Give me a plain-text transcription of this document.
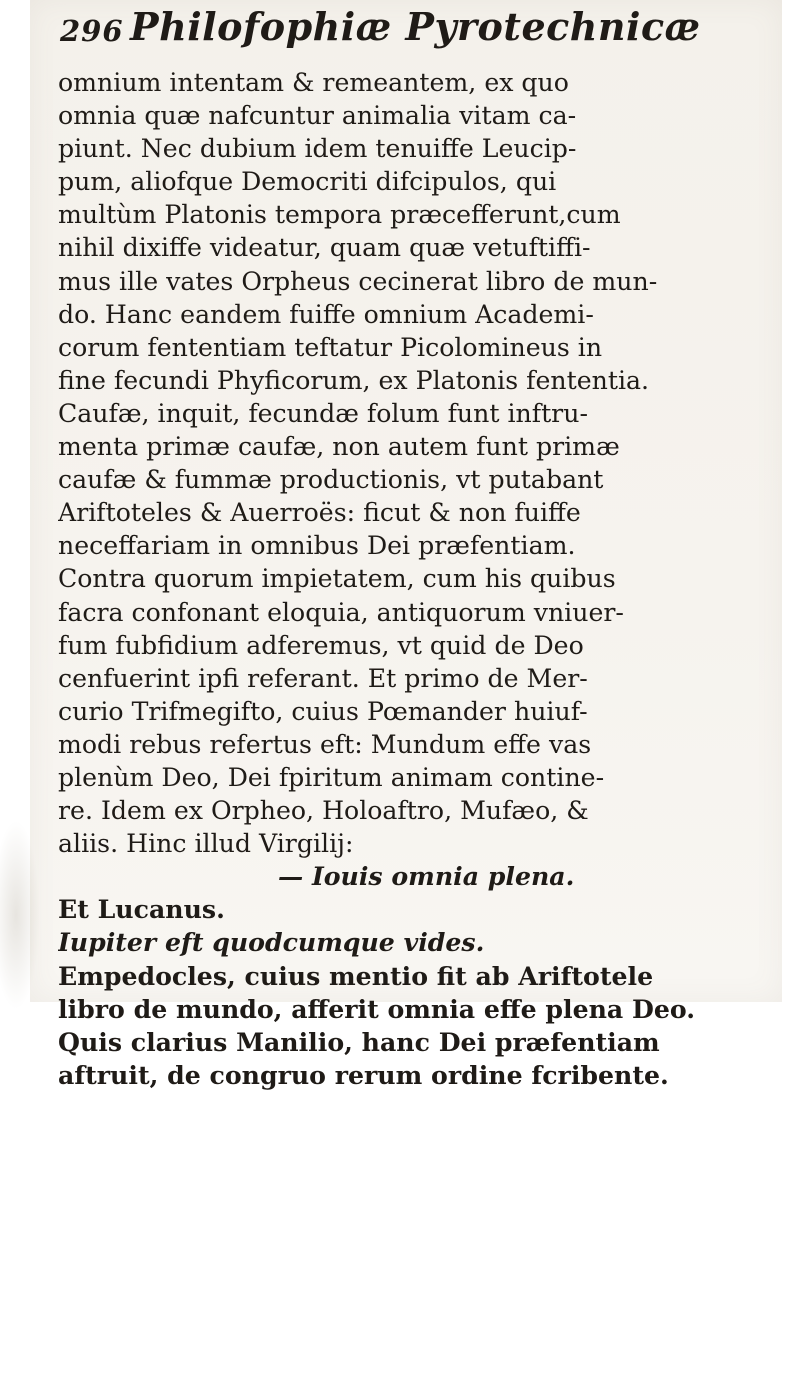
296 Philofophiæ Pyrotechnicæ
omnium intentam & remeantem, ex quo
omnia quæ nafcuntur animalia vitam ca-
piunt. Nec dubium idem tenuiffe Leucip-
pum, aliofque Democriti difcipulos, qui
multùm Platonis tempora præcefferunt,cum
nihil dixiffe videatur, quam quæ vetuftiffi-
mus ille vates Orpheus cecinerat libro de mun-
do. Hanc eandem fuiffe omnium Academi-
corum fententiam teftatur Picolomineus in
fine fecundi Phyficorum, ex Platonis fententia.
Caufæ, inquit, fecundæ folum funt inftru-
menta primæ caufæ, non autem funt primæ
caufæ & fummæ productionis, vt putabant
Ariftoteles & Auerroës: ficut & non fuiffe
neceffariam in omnibus Dei præfentiam.
Contra quorum impietatem, cum his quibus
facra confonant eloquia, antiquorum vniuer-
fum fubfidium adferemus, vt quid de Deo
cenfuerint ipfi referant. Et primo de Mer-
curio Trifmegifto, cuius Pœmander huiuf-
modi rebus refertus eft: Mundum effe vas
plenùm Deo, Dei fpiritum animam contine-
re. Idem ex Orpheo, Holoaftro, Mufæo, &
aliis. Hinc illud Virgilij:
— Iouis omnia plena.
Et Lucanus.
Iupiter eft quodcumque vides.
Empedocles, cuius mentio fit ab Ariftotele
libro de mundo, afferit omnia effe plena Deo.
Quis clarius Manilio, hanc Dei præfentiam
aftruit, de congruo rerum ordine fcribente.
